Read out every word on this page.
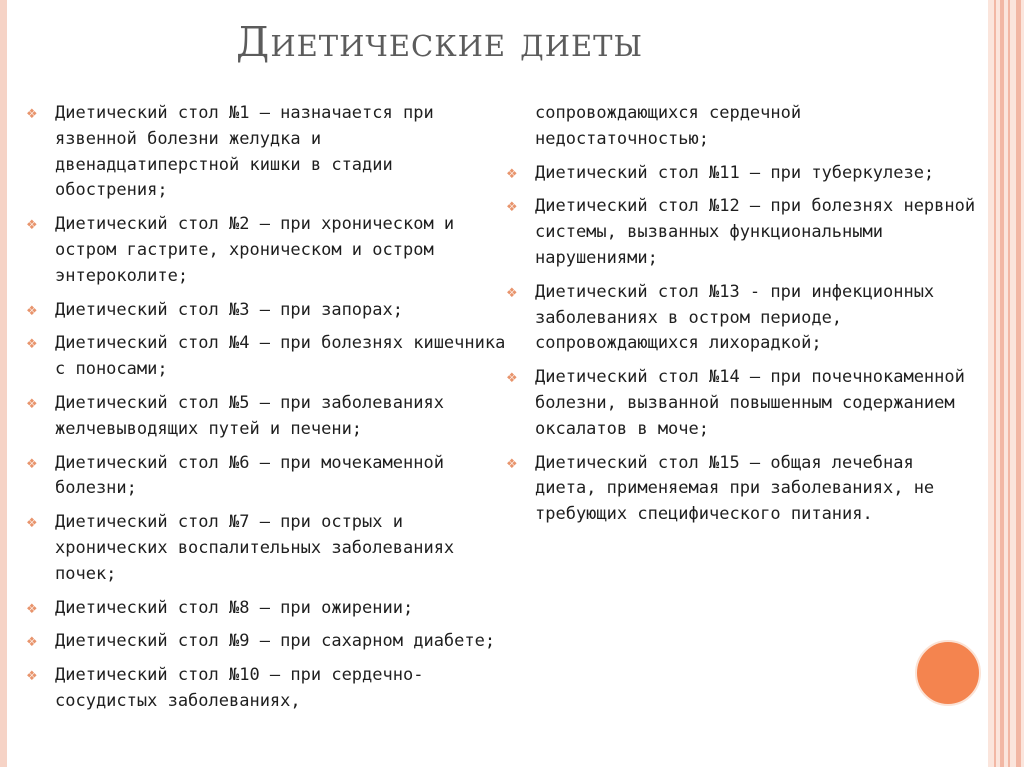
Диетические диеты
❖ Диетический стол №1 – назначается при язвенной болезни желудка и двенадцатиперстной кишки в стадии обострения;
❖ Диетический стол №2 – при хроническом и остром гастрите, хроническом и остром энтероколите;
❖ Диетический стол №3 – при запорах;
❖ Диетический стол №4 – при болезнях кишечника с поносами;
❖ Диетический стол №5 – при заболеваниях желчевыводящих путей и печени;
❖ Диетический стол №6 – при мочекаменной болезни;
❖ Диетический стол №7 – при острых и хронических воспалительных заболеваниях почек;
❖ Диетический стол №8 – при ожирении;
❖ Диетический стол №9 – при сахарном диабете;
❖ Диетический стол №10 – при сердечно-сосудистых заболеваниях,
сопровождающихся сердечной недостаточностью;
❖ Диетический стол №11 – при туберкулезе;
❖ Диетический стол №12 – при болезнях нервной системы, вызванных функциональными нарушениями;
❖ Диетический стол №13 - при инфекционных заболеваниях в остром периоде, сопровождающихся лихорадкой;
❖ Диетический стол №14 – при почечнокаменной болезни, вызванной повышенным содержанием оксалатов в моче;
❖ Диетический стол №15 – общая лечебная диета, применяемая при заболеваниях, не требующих специфического питания.
